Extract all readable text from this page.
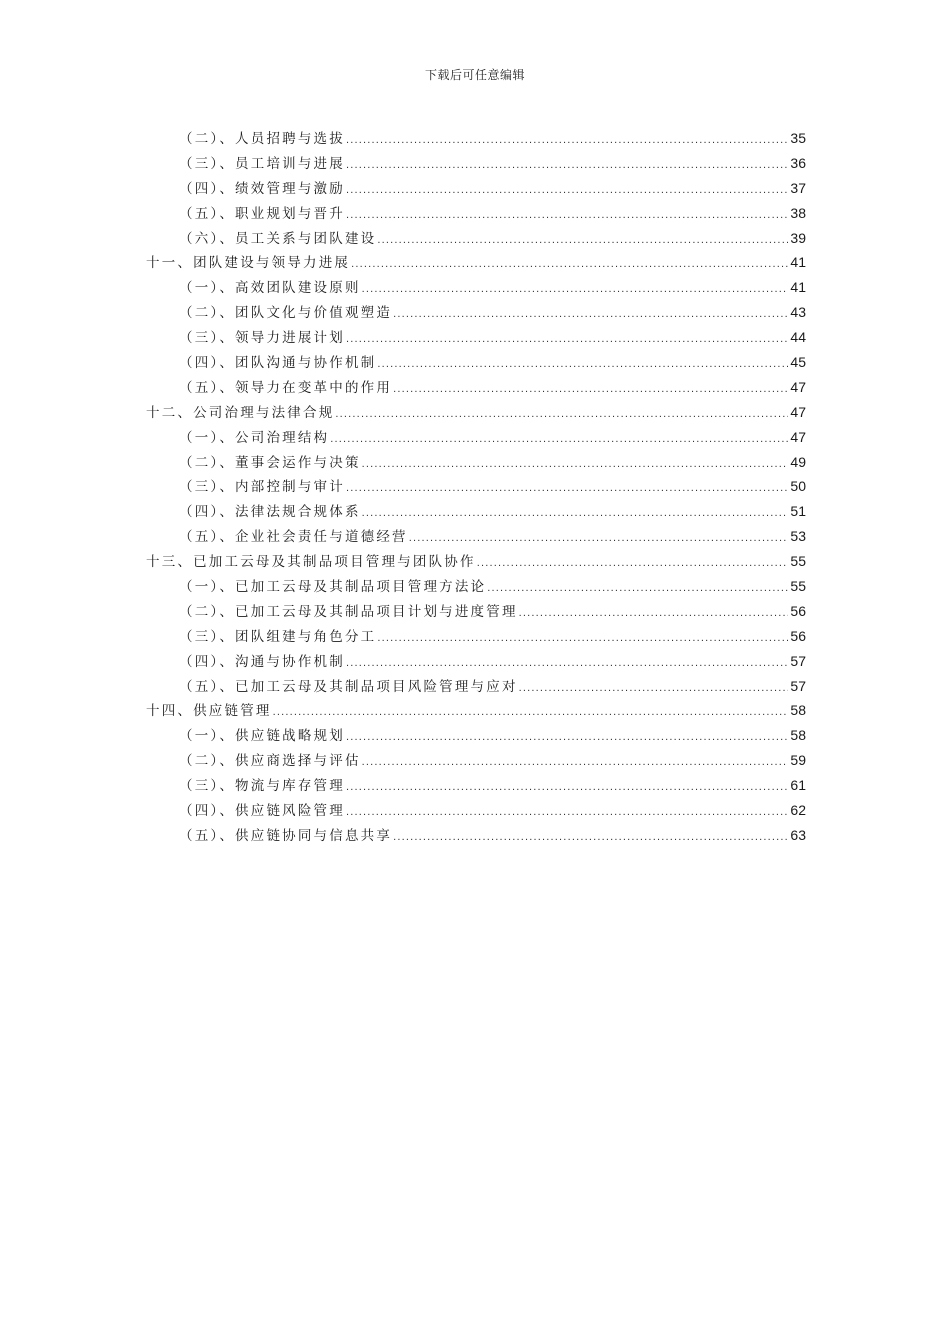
下载后可任意编辑
（二）、人员招聘与选拔 .....	35
（三）、员工培训与进展 .....	36
（四）、绩效管理与激励 .....	37
（五）、职业规划与晋升 .....	38
（六）、员工关系与团队建设 .....	39
十一、团队建设与领导力进展 .....	41
（一）、高效团队建设原则 .....	41
（二）、团队文化与价值观塑造 .....	43
（三）、领导力进展计划 .....	44
（四）、团队沟通与协作机制 .....	45
（五）、领导力在变革中的作用 .....	47
十二、公司治理与法律合规 .....	47
（一）、公司治理结构 .....	47
（二）、董事会运作与决策 .....	49
（三）、内部控制与审计 .....	50
（四）、法律法规合规体系 .....	51
（五）、企业社会责任与道德经营 .....	53
十三、已加工云母及其制品项目管理与团队协作 .....	55
（一）、已加工云母及其制品项目管理方法论 .....	55
（二）、已加工云母及其制品项目计划与进度管理 .....	56
（三）、团队组建与角色分工 .....	56
（四）、沟通与协作机制 .....	57
（五）、已加工云母及其制品项目风险管理与应对 .....	57
十四、供应链管理 .....	58
（一）、供应链战略规划 .....	58
（二）、供应商选择与评估 .....	59
（三）、物流与库存管理 .....	61
（四）、供应链风险管理 .....	62
（五）、供应链协同与信息共享 .....	63
